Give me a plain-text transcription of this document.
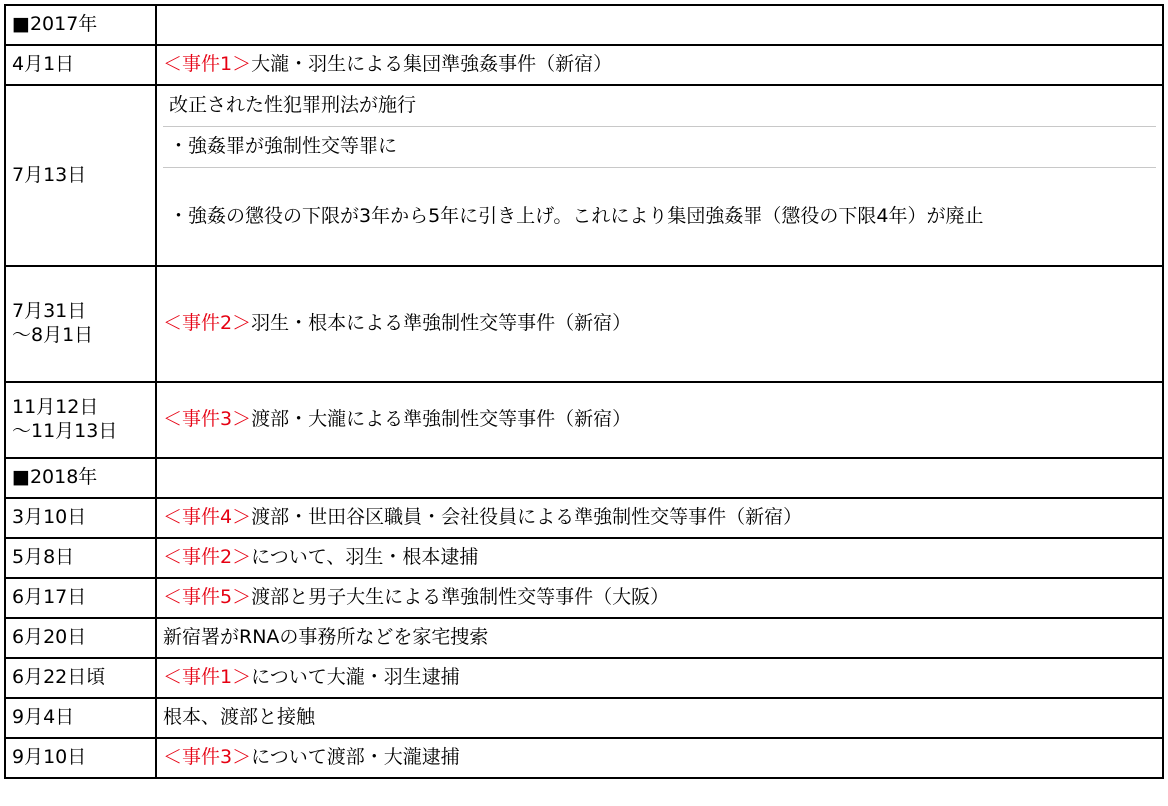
■2017年	
4月1日	＜事件1＞大瀧・羽生による集団準強姦事件（新宿）
7月13日	改正された性犯罪刑法が施行
・強姦罪が強制性交等罪に
・強姦の懲役の下限が3年から5年に引き上げ。これにより集団強姦罪（懲役の下限4年）が廃止

7月31日
〜8月1日	＜事件2＞羽生・根本による準強制性交等事件（新宿）

11月12日
〜11月13日	＜事件3＞渡部・大瀧による準強制性交等事件（新宿）
■2018年	
3月10日	＜事件4＞渡部・世田谷区職員・会社役員による準強制性交等事件（新宿）
5月8日	＜事件2＞について、羽生・根本逮捕
6月17日	＜事件5＞渡部と男子大生による準強制性交等事件（大阪）
6月20日	新宿署がRNAの事務所などを家宅捜索
6月22日頃	＜事件1＞について大瀧・羽生逮捕
9月4日	根本、渡部と接触
9月10日	＜事件3＞について渡部・大瀧逮捕
